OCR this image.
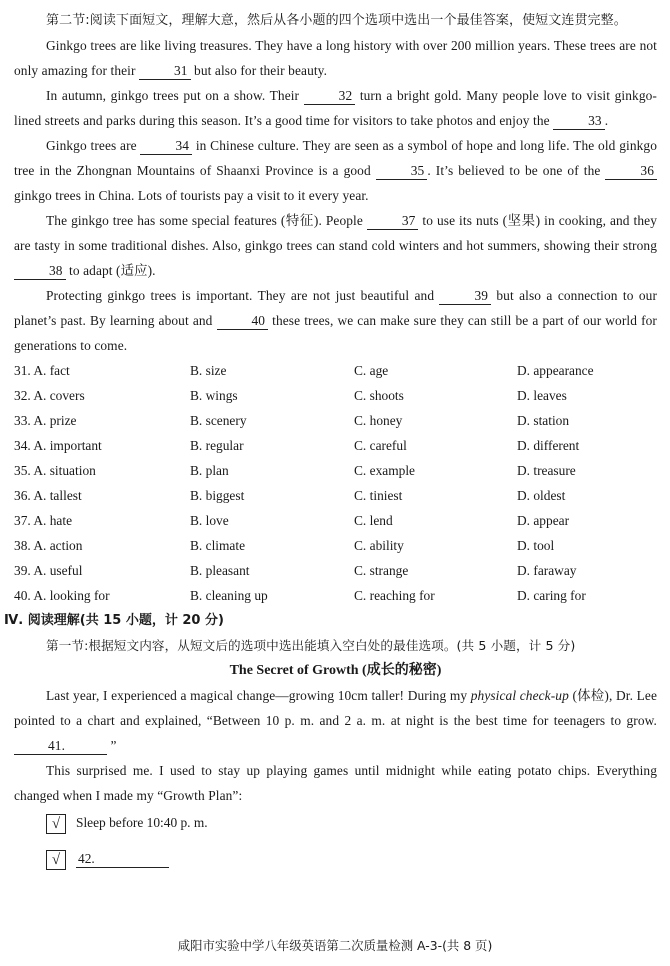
第二节:阅读下面短文，理解大意，然后从各小题的四个选项中选出一个最佳答案，使短文连贯完整。

Ginkgo trees are like living treasures. They have a long history with over 200 million years. These trees are not only amazing for their	31 but also for their beauty.

In autumn, ginkgo trees put on a show. Their	32 turn a bright gold. Many people love to visit ginkgo-lined streets and parks during this season. It’s a good time for visitors to take photos and enjoy the	33 .

Ginkgo trees are	34 in Chinese culture. They are seen as a symbol of hope and long life. The old ginkgo tree in the Zhongnan Mountains of Shaanxi Province is a good	35 . It’s believed to be one of the	36 ginkgo trees in China. Lots of tourists pay a visit to it every year.

The ginkgo tree has some special features (特征). People	37 to use its nuts (坚果) in cooking, and they are tasty in some traditional dishes. Also, ginkgo trees can stand cold winters and hot summers, showing their strong 38 to adapt (适应).

Protecting ginkgo trees is important. They are not just beautiful and	39 but also a connection to our planet’s past. By learning about and	40 these trees, we can make sure they can still be a part of our world for generations to come.

31. A. fact	B. size	C. age	D. appearance
32. A. covers	B. wings	C. shoots	D. leaves
33. A. prize	B. scenery	C. honey	D. station
34. A. important	B. regular	C. careful	D. different
35. A. situation	B. plan	C. example	D. treasure
36. A. tallest	B. biggest	C. tiniest	D. oldest
37. A. hate	B. love	C. lend	D. appear
38. A. action	B. climate	C. ability	D. tool
39. A. useful	B. pleasant	C. strange	D. faraway
40. A. looking for	B. cleaning up	C. reaching for	D. caring for

Ⅳ. 阅读理解(共 15 小题，计 20 分)

第一节:根据短文内容，从短文后的选项中选出能填入空白处的最佳选项。(共 5 小题，计 5 分)

The Secret of Growth (成长的秘密)

Last year, I experienced a magical change—growing 10cm taller! During my physical check-up (体检), Dr. Lee pointed to a chart and explained, “Between 10 p. m. and 2 a. m. at night is the best time for teenagers to grow. 41.	”

This surprised me. I used to stay up playing games until midnight while eating potato chips. Everything changed when I made my “Growth Plan”:

√	Sleep before 10:40 p. m.
√	42.
咸阳市实验中学八年级英语第二次质量检测 A-3-(共 8 页)
